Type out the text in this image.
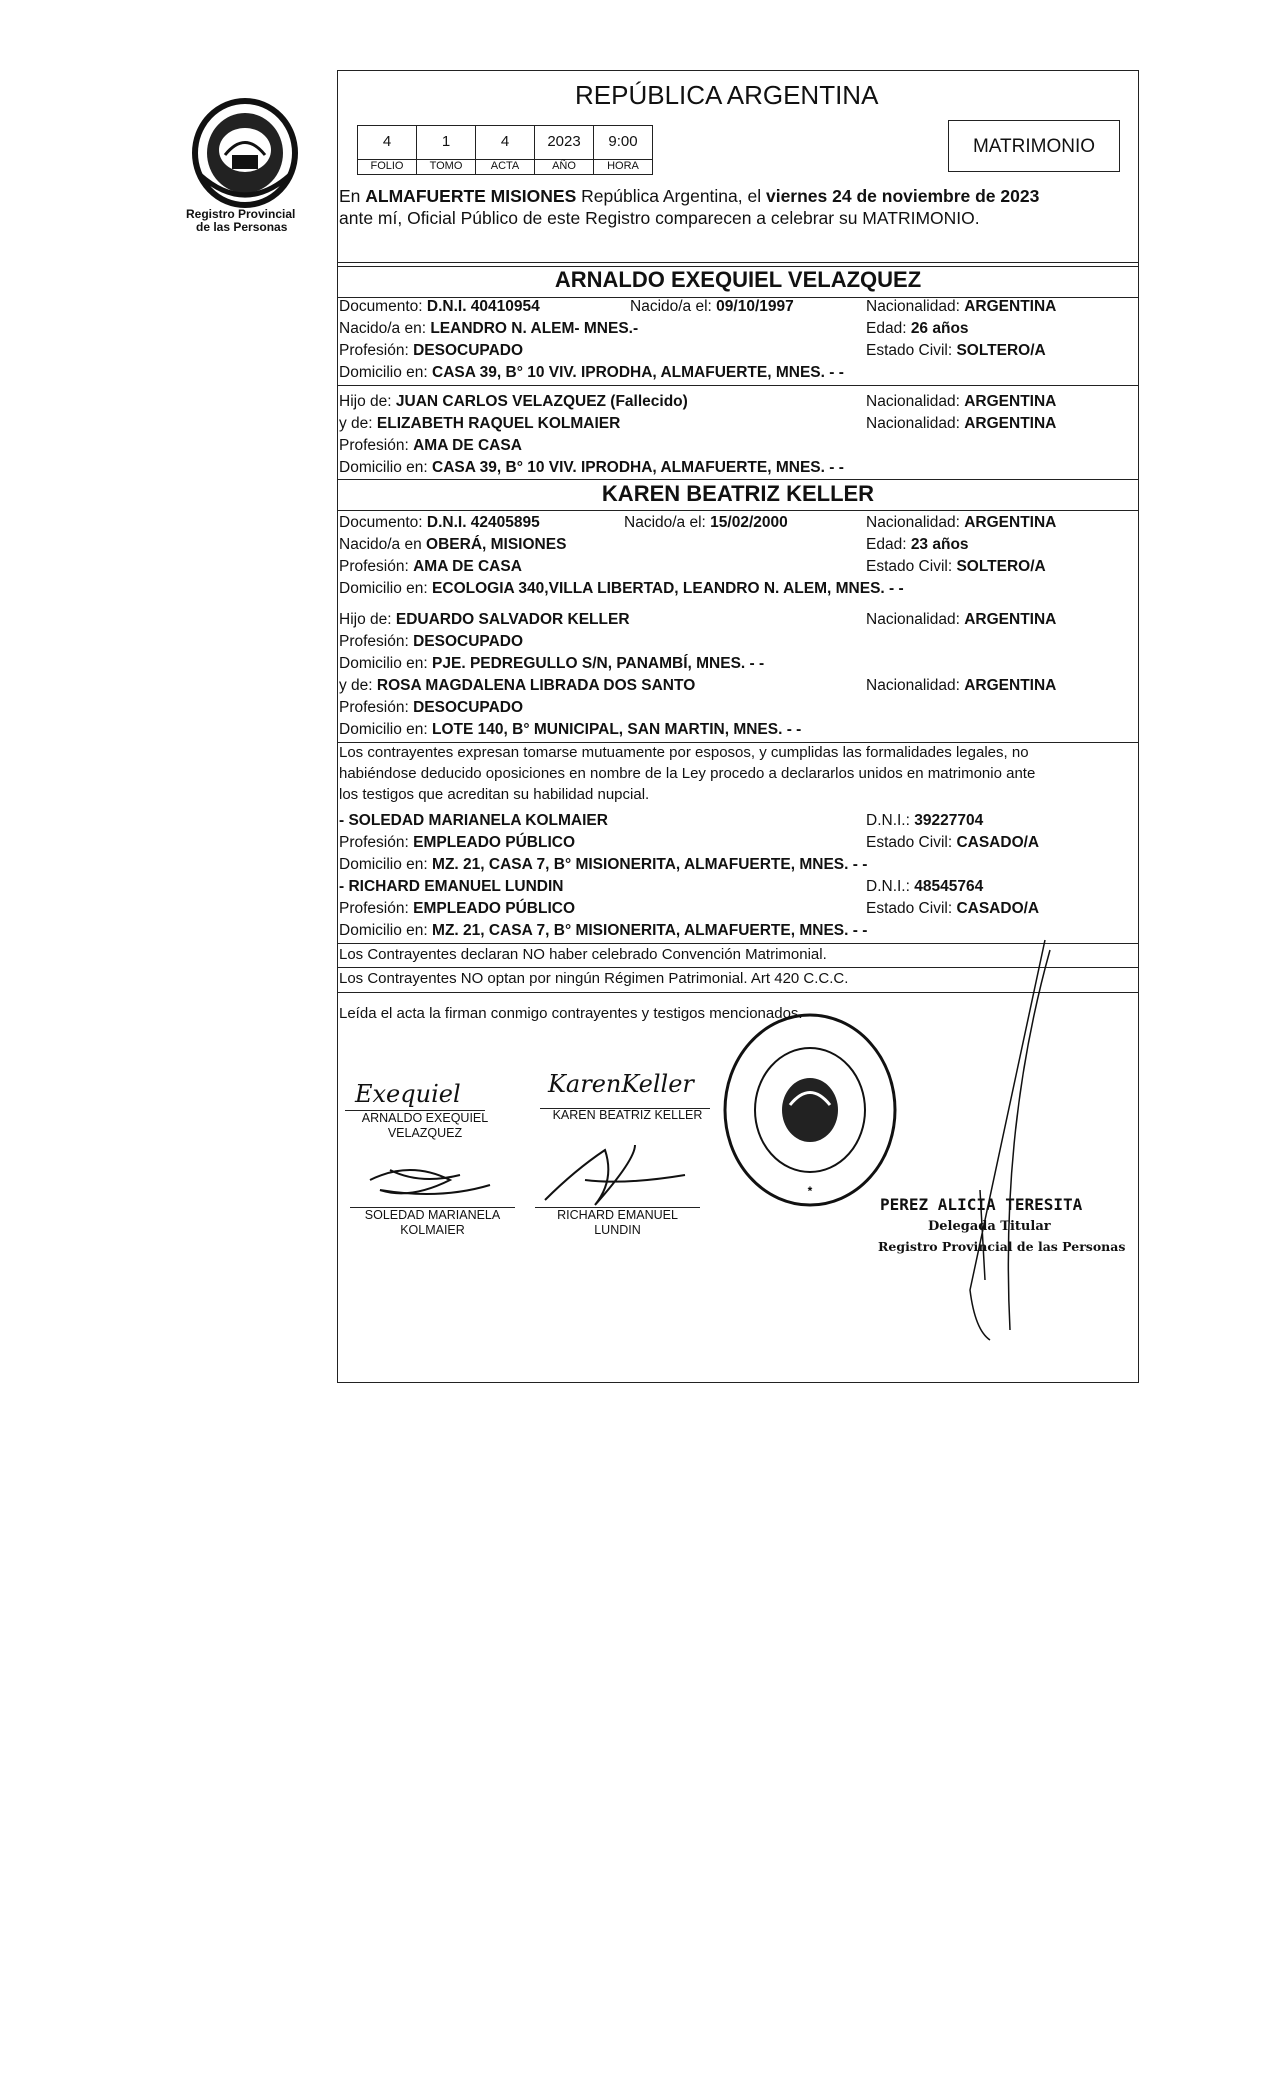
Registro Provincial
de las Personas
REPÚBLICA ARGENTINA
4	1	4	2023	9:00
FOLIO	TOMO	ACTA	AÑO	HORA
MATRIMONIO
En ALMAFUERTE MISIONES República Argentina, el viernes 24 de noviembre de 2023
ante mí, Oficial Público de este Registro comparecen a celebrar su MATRIMONIO.
ARNALDO EXEQUIEL VELAZQUEZ
Documento: D.N.I. 40410954	Nacido/a el: 09/10/1997	Nacionalidad: ARGENTINA
Nacido/a en: LEANDRO N. ALEM- MNES.-	Edad: 26 años
Profesión: DESOCUPADO	Estado Civil: SOLTERO/A
Domicilio en: CASA 39, B° 10 VIV. IPRODHA, ALMAFUERTE, MNES. - -
Hijo de: JUAN CARLOS VELAZQUEZ (Fallecido)	Nacionalidad: ARGENTINA
y de: ELIZABETH RAQUEL KOLMAIER	Nacionalidad: ARGENTINA
Profesión: AMA DE CASA
Domicilio en: CASA 39, B° 10 VIV. IPRODHA, ALMAFUERTE, MNES. - -
KAREN BEATRIZ KELLER
Documento: D.N.I. 42405895	Nacido/a el: 15/02/2000	Nacionalidad: ARGENTINA
Nacido/a en OBERÁ, MISIONES	Edad: 23 años
Profesión: AMA DE CASA	Estado Civil: SOLTERO/A
Domicilio en: ECOLOGIA 340,VILLA LIBERTAD, LEANDRO N. ALEM, MNES. - -
Hijo de: EDUARDO SALVADOR KELLER	Nacionalidad: ARGENTINA
Profesión: DESOCUPADO
Domicilio en: PJE. PEDREGULLO S/N, PANAMBÍ, MNES. - -
y de: ROSA MAGDALENA LIBRADA DOS SANTO	Nacionalidad: ARGENTINA
Profesión: DESOCUPADO
Domicilio en: LOTE 140, B° MUNICIPAL, SAN MARTIN, MNES. - -
Los contrayentes expresan tomarse mutuamente por esposos, y cumplidas las formalidades legales, no
habiéndose deducido oposiciones en nombre de la Ley procedo a declararlos unidos en matrimonio ante
los testigos que acreditan su habilidad nupcial.
- SOLEDAD MARIANELA KOLMAIER	D.N.I.: 39227704
Profesión: EMPLEADO PÚBLICO	Estado Civil: CASADO/A
Domicilio en: MZ. 21, CASA 7, B° MISIONERITA, ALMAFUERTE, MNES. - -
- RICHARD EMANUEL LUNDIN	D.N.I.: 48545764
Profesión: EMPLEADO PÚBLICO	Estado Civil: CASADO/A
Domicilio en: MZ. 21, CASA 7, B° MISIONERITA, ALMAFUERTE, MNES. - -
Los Contrayentes declaran NO haber celebrado Convención Matrimonial.
Los Contrayentes NO optan por ningún Régimen Patrimonial. Art 420 C.C.C.
Leída el acta la firman conmigo contrayentes y testigos mencionados.
Exequiel
ARNALDO EXEQUIEL
VELAZQUEZ
KarenKeller
KAREN BEATRIZ KELLER
SOLEDAD MARIANELA
KOLMAIER
RICHARD EMANUEL
LUNDIN
*
PEREZ ALICIA TERESITA
Delegada Titular
Registro Provincial de las Personas
